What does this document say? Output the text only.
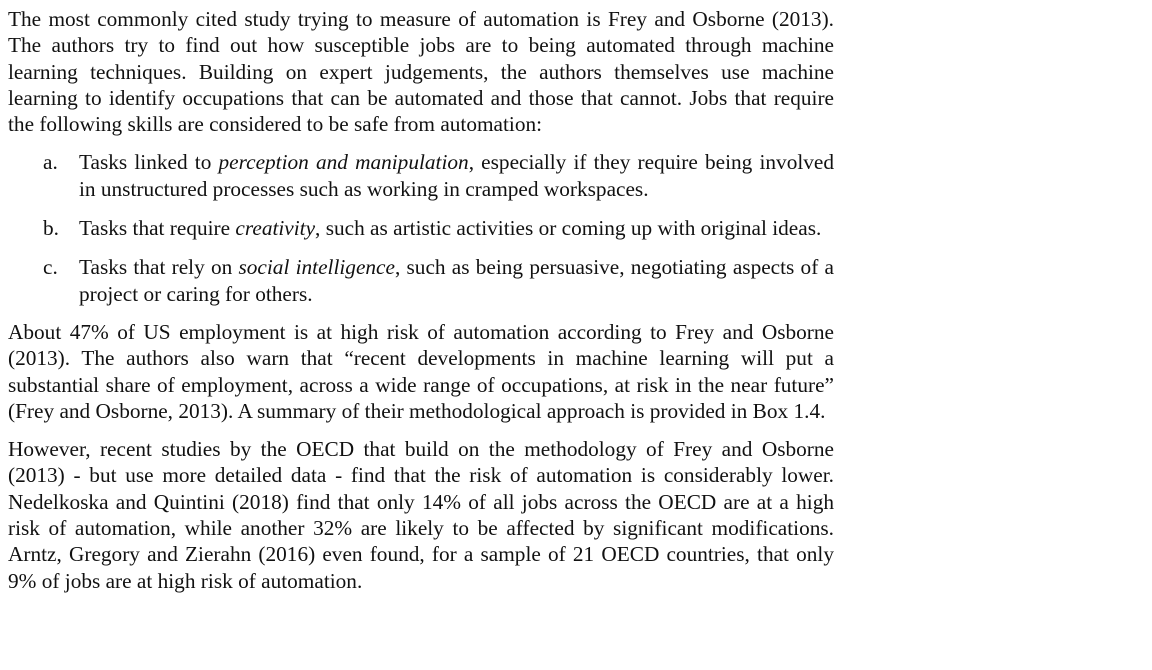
The most commonly cited study trying to measure of automation is Frey and Osborne (2013). The authors try to find out how susceptible jobs are to being automated through machine learning techniques. Building on expert judgements, the authors themselves use machine learning to identify occupations that can be automated and those that cannot. Jobs that require the following skills are considered to be safe from automation:

a. Tasks linked to perception and manipulation, especially if they require being involved in unstructured processes such as working in cramped workspaces.
b. Tasks that require creativity, such as artistic activities or coming up with original ideas.
c. Tasks that rely on social intelligence, such as being persuasive, negotiating aspects of a project or caring for others.

About 47% of US employment is at high risk of automation according to Frey and Osborne (2013). The authors also warn that “recent developments in machine learning will put a substantial share of employment, across a wide range of occupations, at risk in the near future” (Frey and Osborne, 2013). A summary of their methodological approach is provided in Box 1.4.

However, recent studies by the OECD that build on the methodology of Frey and Osborne (2013) - but use more detailed data - find that the risk of automation is considerably lower. Nedelkoska and Quintini (2018) find that only 14% of all jobs across the OECD are at a high risk of automation, while another 32% are likely to be affected by significant modifications. Arntz, Gregory and Zierahn (2016) even found, for a sample of 21 OECD countries, that only 9% of jobs are at high risk of automation.
